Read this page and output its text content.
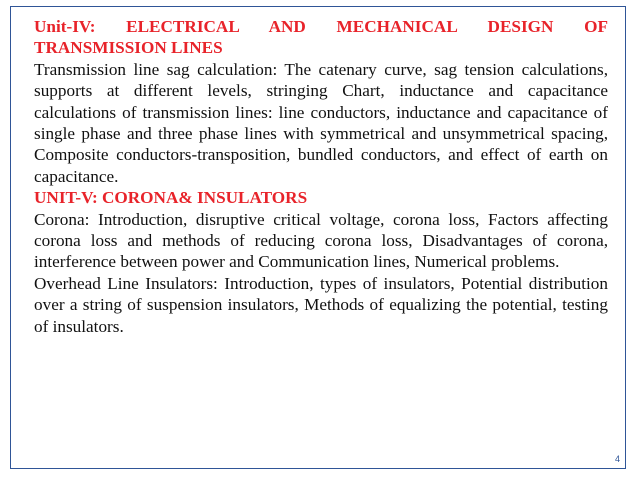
Unit-IV: ELECTRICAL AND MECHANICAL DESIGN OF TRANSMISSION LINES

Transmission line sag calculation: The catenary curve, sag tension calculations, supports at different levels, stringing Chart, inductance and capacitance calculations of transmission lines: line conductors, inductance and capacitance of single phase and three phase lines with symmetrical and unsymmetrical spacing, Composite conductors-transposition, bundled conductors, and effect of earth on capacitance.

UNIT-V: CORONA& INSULATORS

Corona: Introduction, disruptive critical voltage, corona loss, Factors affecting corona loss and methods of reducing corona loss, Disadvantages of corona, interference between power and Communication lines, Numerical problems.

Overhead Line Insulators: Introduction, types of insulators, Potential distribution over a string of suspension insulators, Methods of equalizing the potential, testing of insulators.

4
